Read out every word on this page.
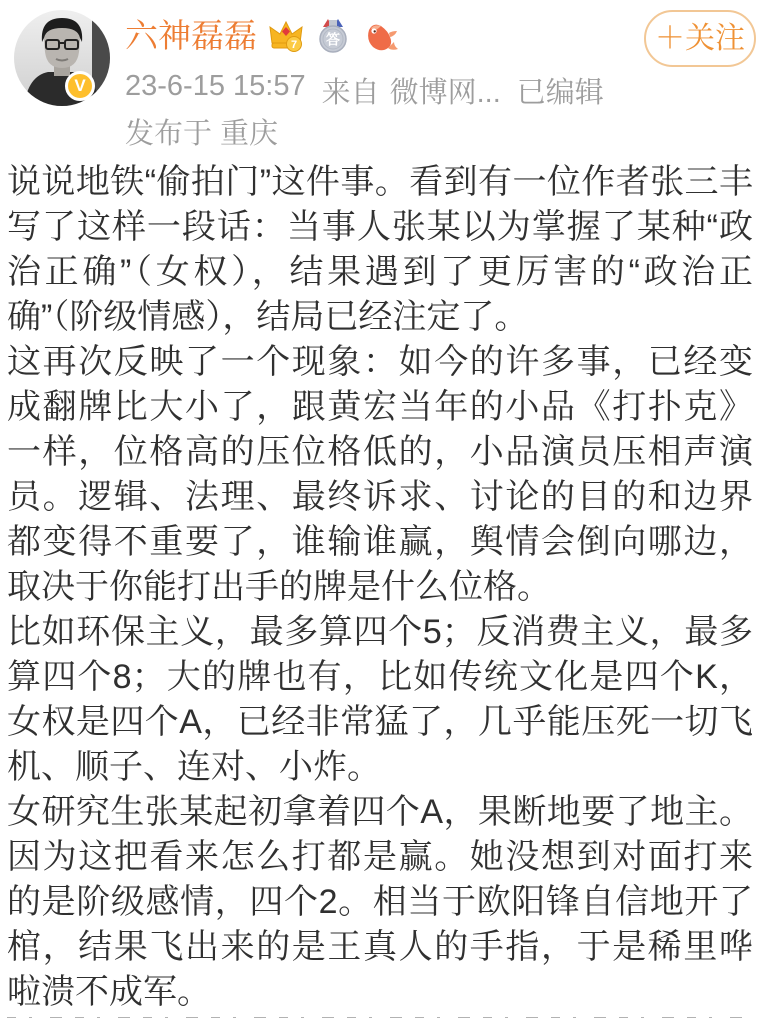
V
六神磊磊	7 答
23-6-15 15:57 来自 微博网... 已编辑
发布于 重庆
＋关注

说说地铁“偷拍门”这件事。看到有一位作者张三丰写了这样一段话：当事人张某以为掌握了某种“政治正确”（女权），结果遇到了更厉害的“政治正确”（阶级情感），结局已经注定了。

这再次反映了一个现象：如今的许多事，已经变成翻牌比大小了，跟黄宏当年的小品《打扑克》一样，位格高的压位格低的，小品演员压相声演员。逻辑、法理、最终诉求、讨论的目的和边界都变得不重要了，谁输谁赢，舆情会倒向哪边，取决于你能打出手的牌是什么位格。

比如环保主义，最多算四个5；反消费主义，最多算四个8；大的牌也有，比如传统文化是四个K，女权是四个A，已经非常猛了，几乎能压死一切飞机、顺子、连对、小炸。

女研究生张某起初拿着四个A，果断地要了地主。因为这把看来怎么打都是赢。她没想到对面打来的是阶级感情，四个2。相当于欧阳锋自信地开了棺，结果飞出来的是王真人的手指，于是稀里哗啦溃不成军。
